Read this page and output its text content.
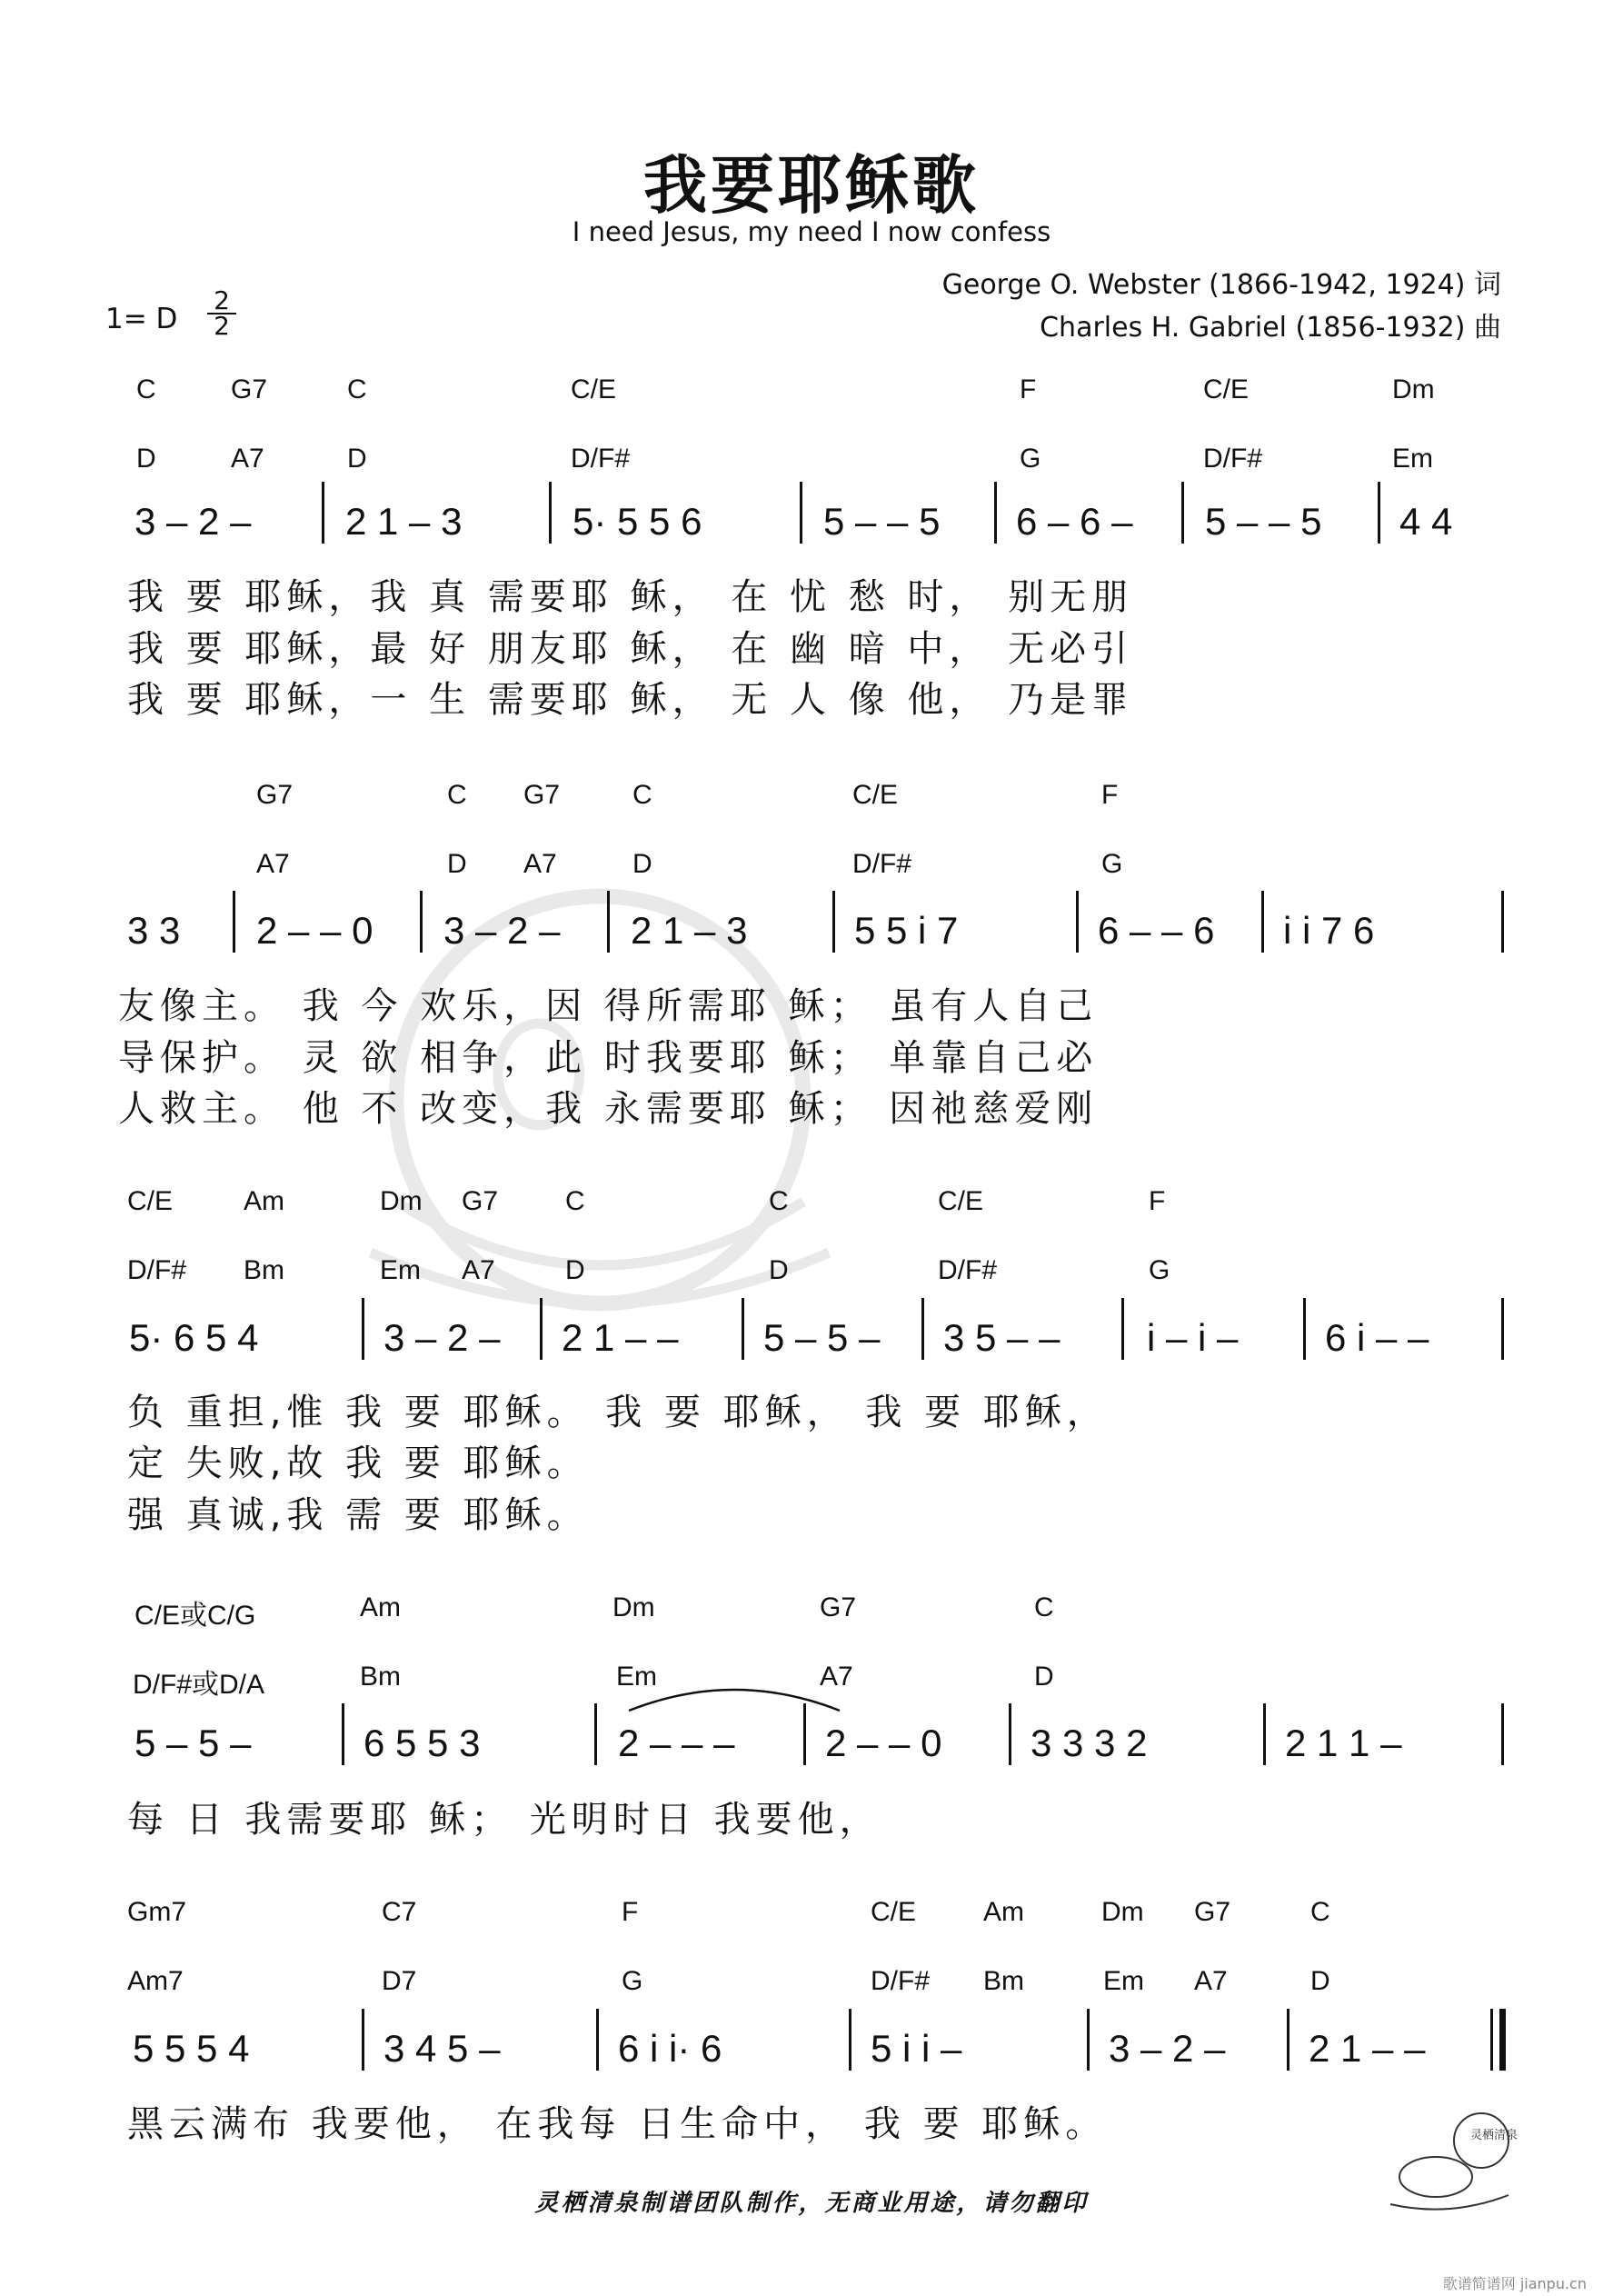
我要耶稣歌
I need Jesus, my need I now confess
George O. Webster (1866-1942, 1924) 词
Charles H. Gabriel (1856-1932) 曲
1= D $\frac{2}{2}$
C	G7	C	C/E	F	C/E	Dm
D	A7	D	D/F#	G	D/F#	Em
3 – 2 – 2 1 – 3	5· 5 5 6	5 – – 5 6 – 6 – 5 – – 5 4 4
我 要 耶稣，我 真 需要耶 稣， 在 忧 愁 时， 别无朋
我 要 耶稣，最 好 朋友耶 稣， 在 幽 暗 中， 无必引
我 要 耶稣，一 生 需要耶 稣， 无 人 像 他， 乃是罪
G7	C G7	C	C/E	F
A7	D A7	D	D/F#	G
3 3 2 – – 0 3 – 2 – 2 1 – 3	5 5 i 7	6 – – 6 i i 7 6
友像主。 我 今 欢乐，因 得所需耶 稣； 虽有人自己
导保护。 灵 欲 相争，此 时我要耶 稣； 单靠自己必
人救主。 他 不 改变，我 永需要耶 稣； 因祂慈爱刚
C/E	Am	Dm G7 C	C	C/E	F
D/F# Bm	Em A7	D	D	D/F#	G
5· 6 5 4	3 – 2 – 2 1 – – 5 – 5 – 3 5 – – i – i – 6 i – –
负 重担,惟 我 要 耶稣。 我 要 耶稣， 我 要 耶稣，
定 失败,故 我 要 耶稣。
强 真诚,我 需 要 耶稣。
C/E或C/G	Am	Dm	G7	C
D/F#或D/A	Bm	Em	A7	D
5 – 5 –	6 5 5 3	2 – – – 2 – – 0 3 3 3 2	2 1 1 –
每 日 我需要耶 稣； 光明时日 我要他，
Gm7	C7	F	C/E Am	Dm G7	C
Am7	D7	G	D/F# Bm	Em A7	D
5 5 5 4	3 4 5 –	6 i i· 6	5 i i –	3 – 2 – 2 1 – –
黑云满布 我要他， 在我每 日生命中， 我 要 耶稣。
灵栖清泉制谱团队制作，无商业用途，请勿翻印
灵栖清泉
歌谱简谱网 jianpu.cn
